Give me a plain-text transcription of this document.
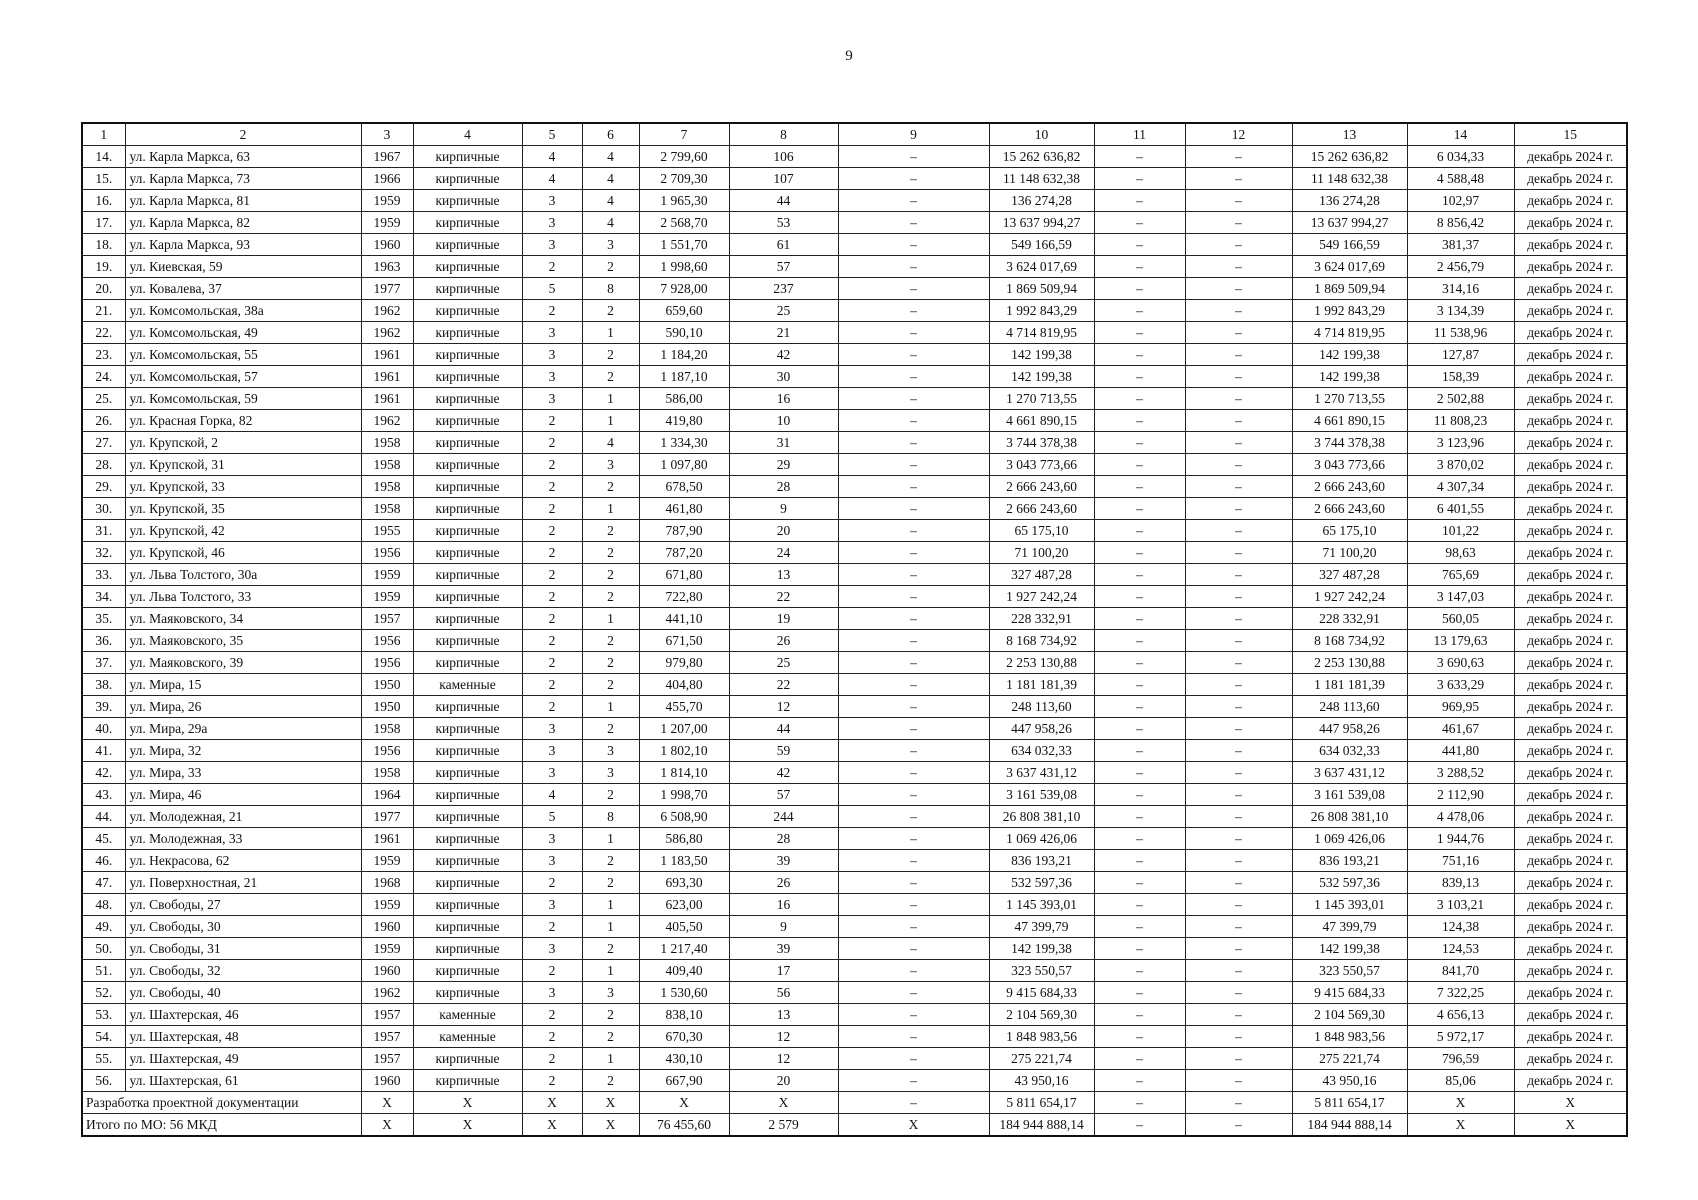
9
1	2	3	4	5	6	7	8	9	10	11	12	13	14	15
14.	ул. Карла Маркса, 63	1967	кирпичные	4	4	2 799,60	106	–	15 262 636,82	–	–	15 262 636,82	6 034,33	декабрь 2024 г.
15.	ул. Карла Маркса, 73	1966	кирпичные	4	4	2 709,30	107	–	11 148 632,38	–	–	11 148 632,38	4 588,48	декабрь 2024 г.
16.	ул. Карла Маркса, 81	1959	кирпичные	3	4	1 965,30	44	–	136 274,28	–	–	136 274,28	102,97	декабрь 2024 г.
17.	ул. Карла Маркса, 82	1959	кирпичные	3	4	2 568,70	53	–	13 637 994,27	–	–	13 637 994,27	8 856,42	декабрь 2024 г.
18.	ул. Карла Маркса, 93	1960	кирпичные	3	3	1 551,70	61	–	549 166,59	–	–	549 166,59	381,37	декабрь 2024 г.
19.	ул. Киевская, 59	1963	кирпичные	2	2	1 998,60	57	–	3 624 017,69	–	–	3 624 017,69	2 456,79	декабрь 2024 г.
20.	ул. Ковалева, 37	1977	кирпичные	5	8	7 928,00	237	–	1 869 509,94	–	–	1 869 509,94	314,16	декабрь 2024 г.
21.	ул. Комсомольская, 38а	1962	кирпичные	2	2	659,60	25	–	1 992 843,29	–	–	1 992 843,29	3 134,39	декабрь 2024 г.
22.	ул. Комсомольская, 49	1962	кирпичные	3	1	590,10	21	–	4 714 819,95	–	–	4 714 819,95	11 538,96	декабрь 2024 г.
23.	ул. Комсомольская, 55	1961	кирпичные	3	2	1 184,20	42	–	142 199,38	–	–	142 199,38	127,87	декабрь 2024 г.
24.	ул. Комсомольская, 57	1961	кирпичные	3	2	1 187,10	30	–	142 199,38	–	–	142 199,38	158,39	декабрь 2024 г.
25.	ул. Комсомольская, 59	1961	кирпичные	3	1	586,00	16	–	1 270 713,55	–	–	1 270 713,55	2 502,88	декабрь 2024 г.
26.	ул. Красная Горка, 82	1962	кирпичные	2	1	419,80	10	–	4 661 890,15	–	–	4 661 890,15	11 808,23	декабрь 2024 г.
27.	ул. Крупской, 2	1958	кирпичные	2	4	1 334,30	31	–	3 744 378,38	–	–	3 744 378,38	3 123,96	декабрь 2024 г.
28.	ул. Крупской, 31	1958	кирпичные	2	3	1 097,80	29	–	3 043 773,66	–	–	3 043 773,66	3 870,02	декабрь 2024 г.
29.	ул. Крупской, 33	1958	кирпичные	2	2	678,50	28	–	2 666 243,60	–	–	2 666 243,60	4 307,34	декабрь 2024 г.
30.	ул. Крупской, 35	1958	кирпичные	2	1	461,80	9	–	2 666 243,60	–	–	2 666 243,60	6 401,55	декабрь 2024 г.
31.	ул. Крупской, 42	1955	кирпичные	2	2	787,90	20	–	65 175,10	–	–	65 175,10	101,22	декабрь 2024 г.
32.	ул. Крупской, 46	1956	кирпичные	2	2	787,20	24	–	71 100,20	–	–	71 100,20	98,63	декабрь 2024 г.
33.	ул. Льва Толстого, 30а	1959	кирпичные	2	2	671,80	13	–	327 487,28	–	–	327 487,28	765,69	декабрь 2024 г.
34.	ул. Льва Толстого, 33	1959	кирпичные	2	2	722,80	22	–	1 927 242,24	–	–	1 927 242,24	3 147,03	декабрь 2024 г.
35.	ул. Маяковского, 34	1957	кирпичные	2	1	441,10	19	–	228 332,91	–	–	228 332,91	560,05	декабрь 2024 г.
36.	ул. Маяковского, 35	1956	кирпичные	2	2	671,50	26	–	8 168 734,92	–	–	8 168 734,92	13 179,63	декабрь 2024 г.
37.	ул. Маяковского, 39	1956	кирпичные	2	2	979,80	25	–	2 253 130,88	–	–	2 253 130,88	3 690,63	декабрь 2024 г.
38.	ул. Мира, 15	1950	каменные	2	2	404,80	22	–	1 181 181,39	–	–	1 181 181,39	3 633,29	декабрь 2024 г.
39.	ул. Мира, 26	1950	кирпичные	2	1	455,70	12	–	248 113,60	–	–	248 113,60	969,95	декабрь 2024 г.
40.	ул. Мира, 29а	1958	кирпичные	3	2	1 207,00	44	–	447 958,26	–	–	447 958,26	461,67	декабрь 2024 г.
41.	ул. Мира, 32	1956	кирпичные	3	3	1 802,10	59	–	634 032,33	–	–	634 032,33	441,80	декабрь 2024 г.
42.	ул. Мира, 33	1958	кирпичные	3	3	1 814,10	42	–	3 637 431,12	–	–	3 637 431,12	3 288,52	декабрь 2024 г.
43.	ул. Мира, 46	1964	кирпичные	4	2	1 998,70	57	–	3 161 539,08	–	–	3 161 539,08	2 112,90	декабрь 2024 г.
44.	ул. Молодежная, 21	1977	кирпичные	5	8	6 508,90	244	–	26 808 381,10	–	–	26 808 381,10	4 478,06	декабрь 2024 г.
45.	ул. Молодежная, 33	1961	кирпичные	3	1	586,80	28	–	1 069 426,06	–	–	1 069 426,06	1 944,76	декабрь 2024 г.
46.	ул. Некрасова, 62	1959	кирпичные	3	2	1 183,50	39	–	836 193,21	–	–	836 193,21	751,16	декабрь 2024 г.
47.	ул. Поверхностная, 21	1968	кирпичные	2	2	693,30	26	–	532 597,36	–	–	532 597,36	839,13	декабрь 2024 г.
48.	ул. Свободы, 27	1959	кирпичные	3	1	623,00	16	–	1 145 393,01	–	–	1 145 393,01	3 103,21	декабрь 2024 г.
49.	ул. Свободы, 30	1960	кирпичные	2	1	405,50	9	–	47 399,79	–	–	47 399,79	124,38	декабрь 2024 г.
50.	ул. Свободы, 31	1959	кирпичные	3	2	1 217,40	39	–	142 199,38	–	–	142 199,38	124,53	декабрь 2024 г.
51.	ул. Свободы, 32	1960	кирпичные	2	1	409,40	17	–	323 550,57	–	–	323 550,57	841,70	декабрь 2024 г.
52.	ул. Свободы, 40	1962	кирпичные	3	3	1 530,60	56	–	9 415 684,33	–	–	9 415 684,33	7 322,25	декабрь 2024 г.
53.	ул. Шахтерская, 46	1957	каменные	2	2	838,10	13	–	2 104 569,30	–	–	2 104 569,30	4 656,13	декабрь 2024 г.
54.	ул. Шахтерская, 48	1957	каменные	2	2	670,30	12	–	1 848 983,56	–	–	1 848 983,56	5 972,17	декабрь 2024 г.
55.	ул. Шахтерская, 49	1957	кирпичные	2	1	430,10	12	–	275 221,74	–	–	275 221,74	796,59	декабрь 2024 г.
56.	ул. Шахтерская, 61	1960	кирпичные	2	2	667,90	20	–	43 950,16	–	–	43 950,16	85,06	декабрь 2024 г.
Разработка проектной документации		X	X	X	X	X	X	–	5 811 654,17	–	–	5 811 654,17	X	X
Итого по МО: 56 МКД		X	X	X	X	76 455,60	2 579	X	184 944 888,14	–	–	184 944 888,14	X	X
